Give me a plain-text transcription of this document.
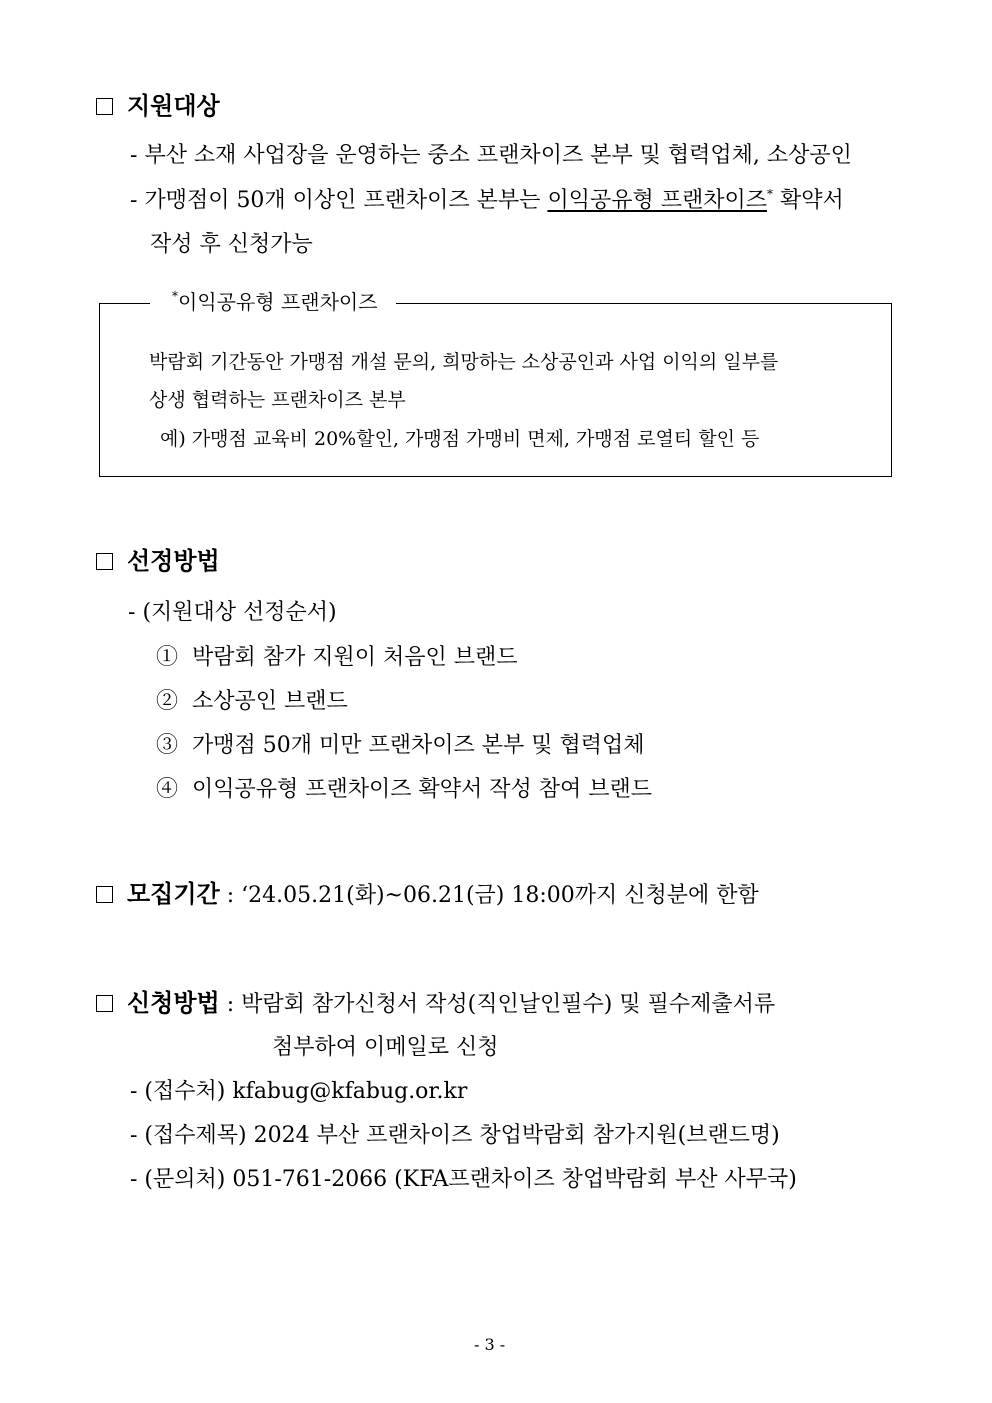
지원대상
- 부산 소재 사업장을 운영하는 중소 프랜차이즈 본부 및 협력업체, 소상공인
- 가맹점이 50개 이상인 프랜차이즈 본부는 이익공유형 프랜차이즈* 확약서
작성 후 신청가능
*이익공유형 프랜차이즈
박람회 기간동안 가맹점 개설 문의, 희망하는 소상공인과 사업 이익의 일부를
상생 협력하는 프랜차이즈 본부
예) 가맹점 교육비 20%할인, 가맹점 가맹비 면제, 가맹점 로열티 할인 등
선정방법
- (지원대상 선정순서)
① 박람회 참가 지원이 처음인 브랜드
② 소상공인 브랜드
③ 가맹점 50개 미만 프랜차이즈 본부 및 협력업체
④ 이익공유형 프랜차이즈 확약서 작성 참여 브랜드
모집기간 : ‘24.05.21(화)~06.21(금) 18:00까지 신청분에 한함
신청방법 : 박람회 참가신청서 작성(직인날인필수) 및 필수제출서류
첨부하여 이메일로 신청
- (접수처) kfabug@kfabug.or.kr
- (접수제목) 2024 부산 프랜차이즈 창업박람회 참가지원(브랜드명)
- (문의처) 051-761-2066 (KFA프랜차이즈 창업박람회 부산 사무국)
- 3 -
